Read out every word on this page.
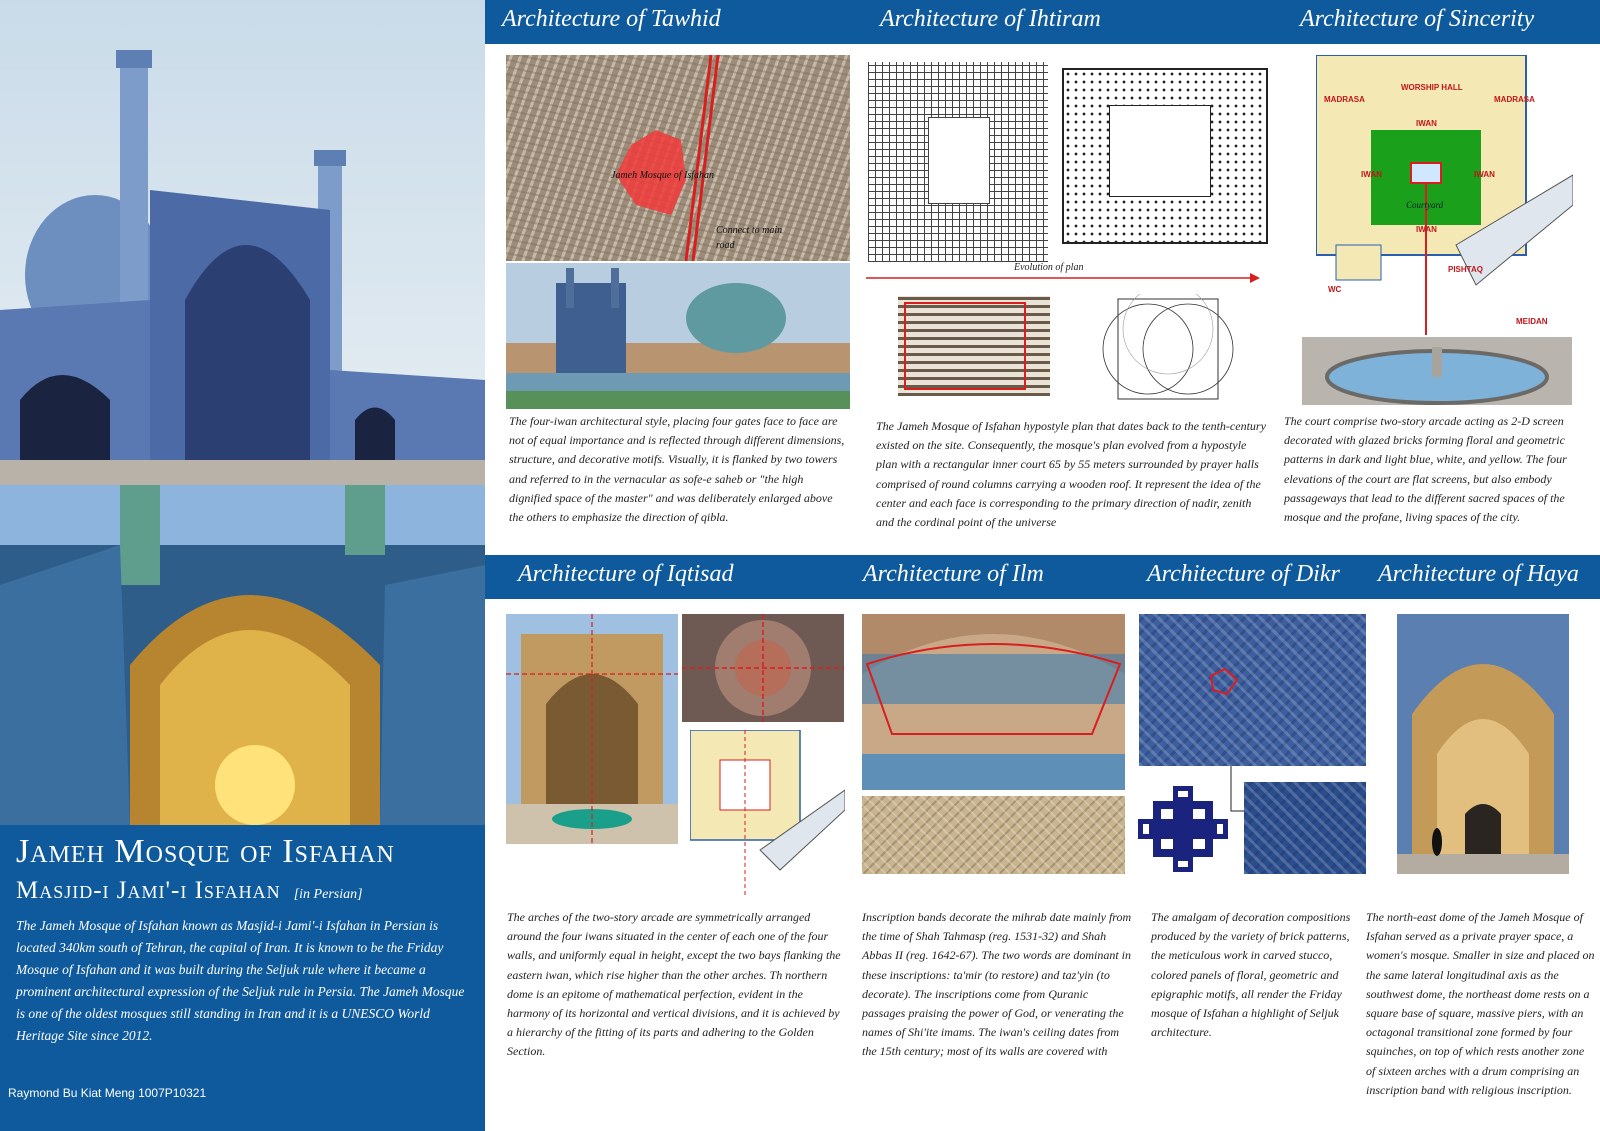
Jameh Mosque of Isfahan
Masjid-i Jami'-i Isfahan [in Persian]

The Jameh Mosque of Isfahan known as Masjid-i Jami'-i Isfahan in Persian is located 340km south of Tehran, the capital of Iran. It is known to be the Friday Mosque of Isfahan and it was built during the Seljuk rule where it became a prominent architectural expression of the Seljuk rule in Persia. The Jameh Mosque is one of the oldest mosques still standing in Iran and it is a UNESCO World Heritage Site since 2012.

Raymond Bu Kiat Meng 1007P10321
Architecture of Tawhid	Architecture of Ihtiram	Architecture of Sincerity
Jameh Mosque of Isfahan
Connect to main
road

The four-iwan architectural style, placing four gates face to face are not of equal importance and is reflected through different dimensions, structure, and decorative motifs. Visually, it is flanked by two towers and referred to in the vernacular as sofe-e saheb or "the high dignified space of the master" and was deliberately enlarged above the others to emphasize the direction of qibla.

Evolution of plan

The Jameh Mosque of Isfahan hypostyle plan that dates back to the tenth-century existed on the site. Consequently, the mosque's plan evolved from a hypostyle plan with a rectangular inner court 65 by 55 meters surrounded by prayer halls comprised of round columns carrying a wooden roof. It represent the idea of the center and each face is corresponding to the primary direction of nadir, zenith and the cordinal point of the universe

WORSHIP HALL
MADRASA	MADRASA
IWAN
IWAN	IWAN
Courtyard
IWAN
PISHTAQ
WC
MEIDAN

The court comprise two-story arcade acting as 2-D screen decorated with glazed bricks forming floral and geometric patterns in dark and light blue, white, and yellow. The four elevations of the court are flat screens, but also embody passageways that lead to the different sacred spaces of the mosque and the profane, living spaces of the city.

Architecture of Iqtisad	Architecture of Ilm	Architecture of Dikr Architecture of Haya

The arches of the two-story arcade are symmetrically arranged around the four iwans situated in the center of each one of the four walls, and uniformly equal in height, except the two bays flanking the eastern iwan, which rise higher than the other arches. Th northern dome is an epitome of mathematical perfection, evident in the harmony of its horizontal and vertical divisions, and it is achieved by a hierarchy of the fitting of its parts and adhering to the Golden Section.

Inscription bands decorate the mihrab date mainly from the time of Shah Tahmasp (reg. 1531-32) and Shah Abbas II (reg. 1642-67). The two words are dominant in these inscriptions: ta'mir (to restore) and taz'yin (to decorate). The inscriptions come from Quranic passages praising the power of God, or venerating the names of Shi'ite imams. The iwan's ceiling dates from the 15th century; most of its walls are covered with

The amalgam of decoration compositions produced by the variety of brick patterns, the meticulous work in carved stucco, colored panels of floral, geometric and epigraphic motifs, all render the Friday mosque of Isfahan a highlight of Seljuk architecture.

The north-east dome of the Jameh Mosque of Isfahan served as a private prayer space, a women's mosque. Smaller in size and placed on the same lateral longitudinal axis as the southwest dome, the northeast dome rests on a square base of square, massive piers, with an octagonal transitional zone formed by four squinches, on top of which rests another zone of sixteen arches with a drum comprising an inscription band with religious inscription.
